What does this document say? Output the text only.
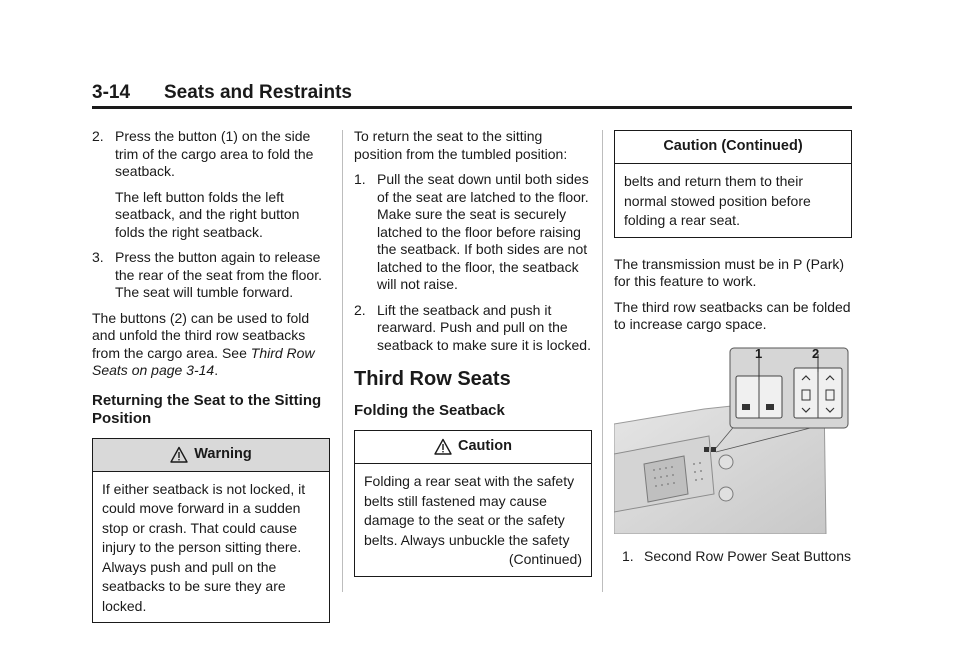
3-14 Seats and Restraints
2. Press the button (1) on the side trim of the cargo area to fold the seatback.
The left button folds the left seatback, and the right button folds the right seatback.
3. Press the button again to release the rear of the seat from the floor. The seat will tumble forward.

The buttons (2) can be used to fold and unfold the third row seatbacks from the cargo area. See Third Row Seats on page 3-14.

Returning the Seat to the Sitting Position
Warning
If either seatback is not locked, it could move forward in a sudden stop or crash. That could cause injury to the person sitting there. Always push and pull on the seatbacks to be sure they are locked.

To return the seat to the sitting position from the tumbled position:

1. Pull the seat down until both sides of the seat are latched to the floor. Make sure the seat is securely latched to the floor before raising the seatback. If both sides are not latched to the floor, the seatback will not raise.
2. Lift the seatback and push it rearward. Push and pull on the seatback to make sure it is locked.
Third Row Seats
Folding the Seatback
Caution
Folding a rear seat with the safety belts still fastened may cause damage to the seat or the safety belts. Always unbuckle the safety
(Continued)
Caution (Continued)
belts and return them to their normal stowed position before folding a rear seat.

The transmission must be in P (Park) for this feature to work.

The third row seatbacks can be folded to increase cargo space.

1	2
1. Second Row Power Seat Buttons
